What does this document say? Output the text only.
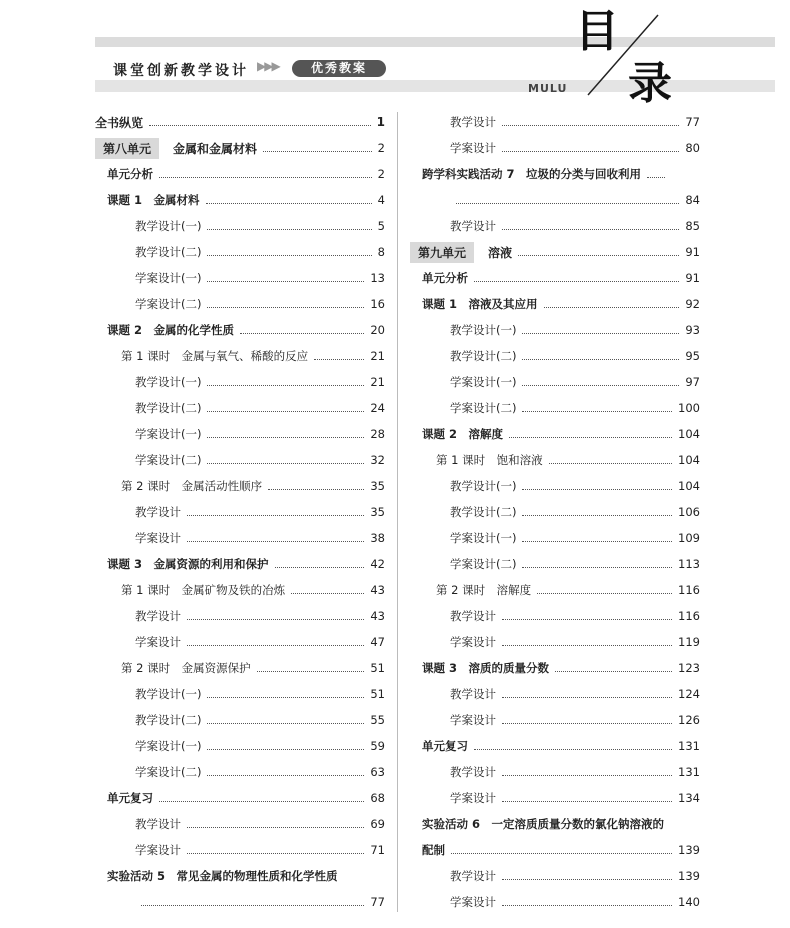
课堂创新教学设计 ▶▶▶	优秀教案
MULU
目
录
全书纵览	1
第八单元	金属和金属材料	2
单元分析	2
课题 1　金属材料	4
教学设计(一)	5
教学设计(二)	8
学案设计(一)	13
学案设计(二)	16
课题 2　金属的化学性质	20
第 1 课时　金属与氧气、稀酸的反应	21
教学设计(一)	21
教学设计(二)	24
学案设计(一)	28
学案设计(二)	32
第 2 课时　金属活动性顺序	35
教学设计	35
学案设计	38
课题 3　金属资源的利用和保护	42
第 1 课时　金属矿物及铁的冶炼	43
教学设计	43
学案设计	47
第 2 课时　金属资源保护	51
教学设计(一)	51
教学设计(二)	55
学案设计(一)	59
学案设计(二)	63
单元复习	68
教学设计	69
学案设计	71
实验活动 5　常见金属的物理性质和化学性质
77
教学设计	77
学案设计	80
跨学科实践活动 7　垃圾的分类与回收利用
84
教学设计	85
第九单元	溶液	91
单元分析	91
课题 1　溶液及其应用	92
教学设计(一)	93
教学设计(二)	95
学案设计(一)	97
学案设计(二)	100
课题 2　溶解度	104
第 1 课时　饱和溶液	104
教学设计(一)	104
教学设计(二)	106
学案设计(一)	109
学案设计(二)	113
第 2 课时　溶解度	116
教学设计	116
学案设计	119
课题 3　溶质的质量分数	123
教学设计	124
学案设计	126
单元复习	131
教学设计	131
学案设计	134
实验活动 6　一定溶质质量分数的氯化钠溶液的
配制	139
教学设计	139
学案设计	140
